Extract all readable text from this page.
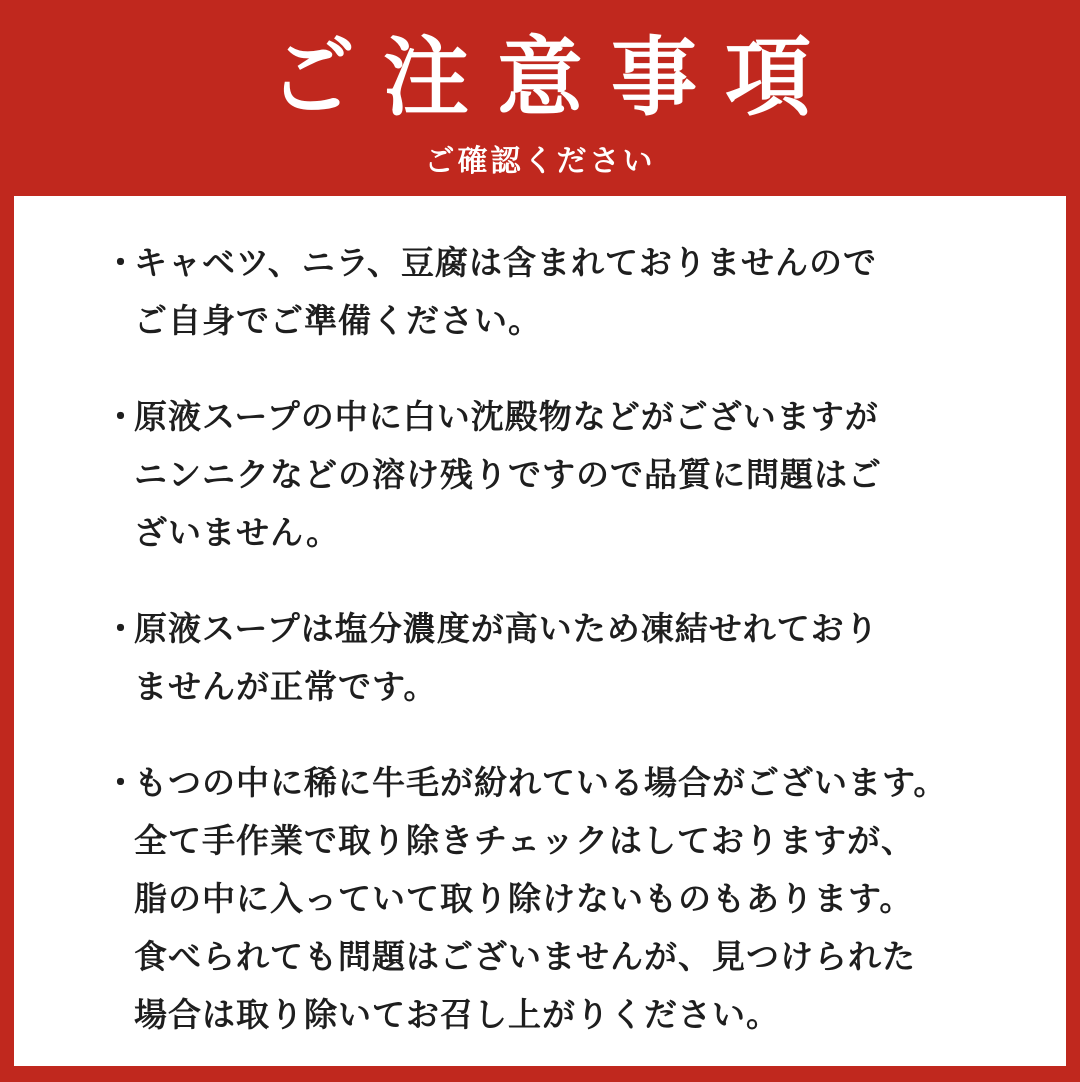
ご注意事項
ご確認ください
・
キャベツ、ニラ、豆腐は含まれておりませんので
ご自身でご準備ください。
・
原液スープの中に白い沈殿物などがございますが
ニンニクなどの溶け残りですので品質に問題はご
ざいません。
・
原液スープは塩分濃度が高いため凍結せれており
ませんが正常です。
・
もつの中に稀に牛毛が紛れている場合がございます。
全て手作業で取り除きチェックはしておりますが、
脂の中に入っていて取り除けないものもあります。
食べられても問題はございませんが、見つけられた
場合は取り除いてお召し上がりください。
